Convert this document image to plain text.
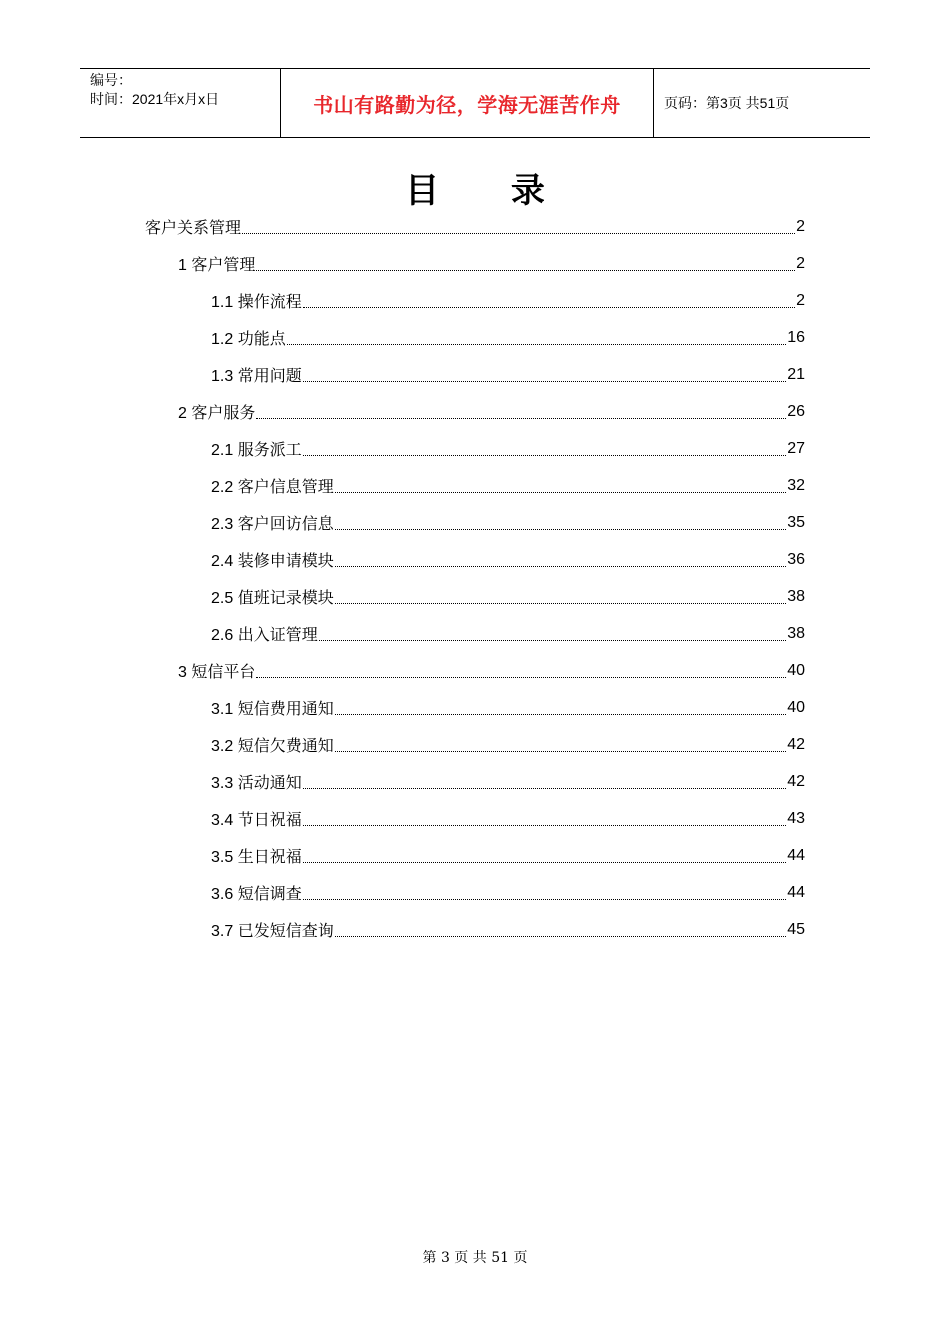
编号：
时间：2021年x月x日	书山有路勤为径，学海无涯苦作舟	页码：第3页 共51页
目 录
客户关系管理	2
1 客户管理	2
1.1 操作流程	2
1.2 功能点	16
1.3 常用问题	21
2 客户服务	26
2.1 服务派工	27
2.2 客户信息管理	32
2.3 客户回访信息	35
2.4 装修申请模块	36
2.5 值班记录模块	38
2.6 出入证管理	38
3 短信平台	40
3.1 短信费用通知	40
3.2 短信欠费通知	42
3.3 活动通知	42
3.4 节日祝福	43
3.5 生日祝福	44
3.6 短信调查	44
3.7 已发短信查询	45
第 3 页 共 51 页
